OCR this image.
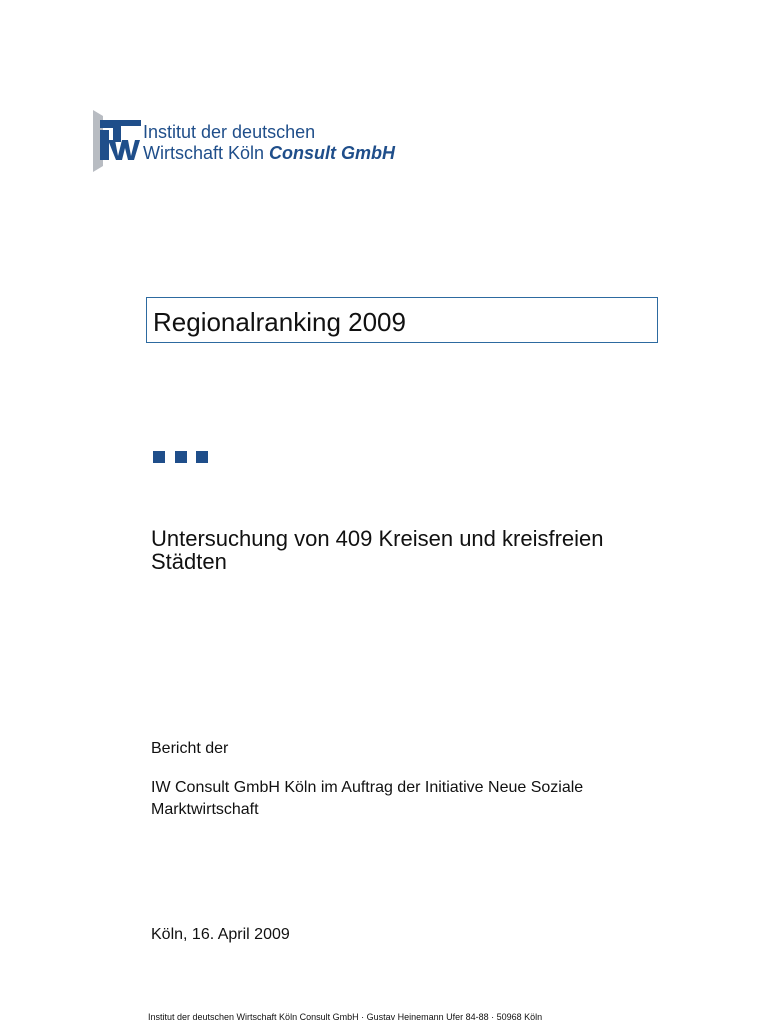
Institut der deutschen
Wirtschaft Köln Consult GmbH
Regionalranking 2009
Untersuchung von 409 Kreisen und kreisfreien Städten
Bericht der
IW Consult GmbH Köln im Auftrag der Initiative Neue Soziale Marktwirtschaft
Köln, 16. April 2009
Institut der deutschen Wirtschaft Köln Consult GmbH · Gustav Heinemann Ufer 84-88 · 50968 Köln
